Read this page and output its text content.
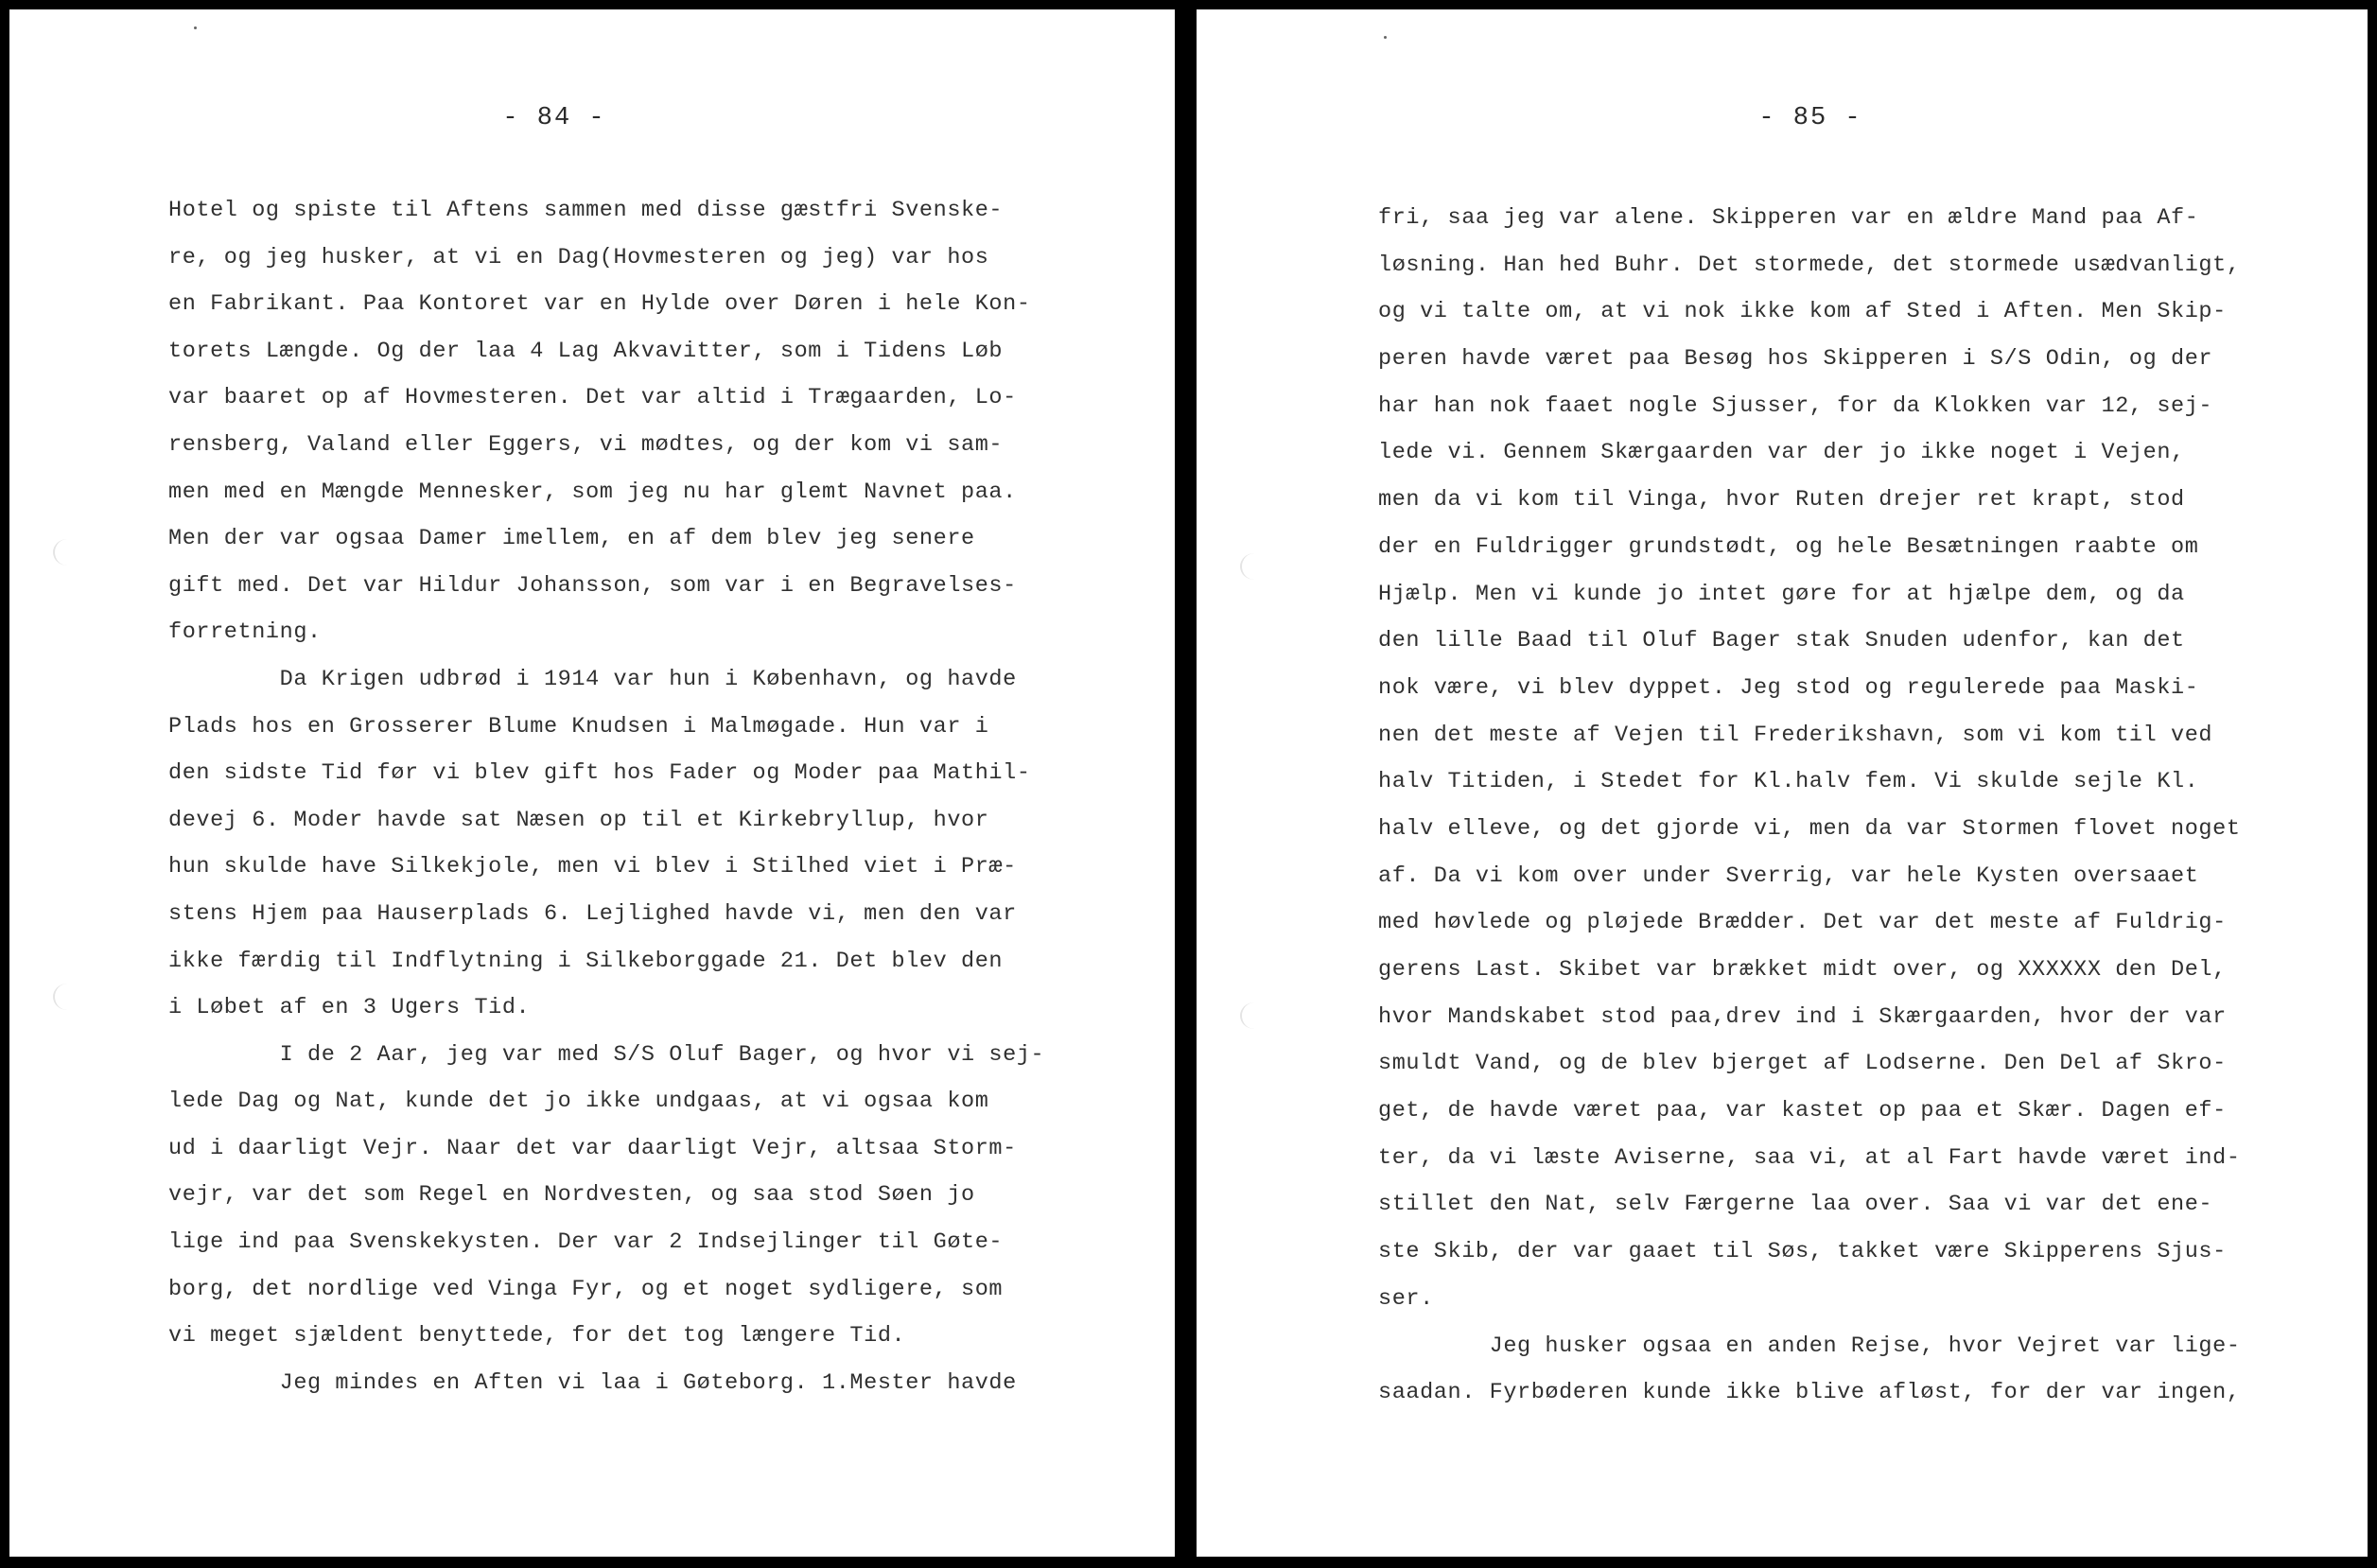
- 84 -
Hotel og spiste til Aftens sammen med disse gæstfri Svenske-
re, og jeg husker, at vi en Dag(Hovmesteren og jeg) var hos
en Fabrikant. Paa Kontoret var en Hylde over Døren i hele Kon-
torets Længde. Og der laa 4 Lag Akvavitter, som i Tidens Løb
var baaret op af Hovmesteren. Det var altid i Trægaarden, Lo-
rensberg, Valand eller Eggers, vi mødtes, og der kom vi sam-
men med en Mængde Mennesker, som jeg nu har glemt Navnet paa.
Men der var ogsaa Damer imellem, en af dem blev jeg senere
gift med. Det var Hildur Johansson, som var i en Begravelses-
forretning.
Da Krigen udbrød i 1914 var hun i København, og havde
Plads hos en Grosserer Blume Knudsen i Malmøgade. Hun var i
den sidste Tid før vi blev gift hos Fader og Moder paa Mathil-
devej 6. Moder havde sat Næsen op til et Kirkebryllup, hvor
hun skulde have Silkekjole, men vi blev i Stilhed viet i Præ-
stens Hjem paa Hauserplads 6. Lejlighed havde vi, men den var
ikke færdig til Indflytning i Silkeborggade 21. Det blev den
i Løbet af en 3 Ugers Tid.
I de 2 Aar, jeg var med S/S Oluf Bager, og hvor vi sej-
lede Dag og Nat, kunde det jo ikke undgaas, at vi ogsaa kom
ud i daarligt Vejr. Naar det var daarligt Vejr, altsaa Storm-
vejr, var det som Regel en Nordvesten, og saa stod Søen jo
lige ind paa Svenskekysten. Der var 2 Indsejlinger til Gøte-
borg, det nordlige ved Vinga Fyr, og et noget sydligere, som
vi meget sjældent benyttede, for det tog længere Tid.
Jeg mindes en Aften vi laa i Gøteborg. 1.Mester havde
- 85 -
fri, saa jeg var alene. Skipperen var en ældre Mand paa Af-
løsning. Han hed Buhr. Det stormede, det stormede usædvanligt,
og vi talte om, at vi nok ikke kom af Sted i Aften. Men Skip-
peren havde været paa Besøg hos Skipperen i S/S Odin, og der
har han nok faaet nogle Sjusser, for da Klokken var 12, sej-
lede vi. Gennem Skærgaarden var der jo ikke noget i Vejen,
men da vi kom til Vinga, hvor Ruten drejer ret krapt, stod
der en Fuldrigger grundstødt, og hele Besætningen raabte om
Hjælp. Men vi kunde jo intet gøre for at hjælpe dem, og da
den lille Baad til Oluf Bager stak Snuden udenfor, kan det
nok være, vi blev dyppet. Jeg stod og regulerede paa Maski-
nen det meste af Vejen til Frederikshavn, som vi kom til ved
halv Titiden, i Stedet for Kl.halv fem. Vi skulde sejle Kl.
halv elleve, og det gjorde vi, men da var Stormen flovet noget
af. Da vi kom over under Sverrig, var hele Kysten oversaaet
med høvlede og pløjede Brædder. Det var det meste af Fuldrig-
gerens Last. Skibet var brækket midt over, og XXXXXX den Del,
hvor Mandskabet stod paa,drev ind i Skærgaarden, hvor der var
smuldt Vand, og de blev bjerget af Lodserne. Den Del af Skro-
get, de havde været paa, var kastet op paa et Skær. Dagen ef-
ter, da vi læste Aviserne, saa vi, at al Fart havde været ind-
stillet den Nat, selv Færgerne laa over. Saa vi var det ene-
ste Skib, der var gaaet til Søs, takket være Skipperens Sjus-
ser.
Jeg husker ogsaa en anden Rejse, hvor Vejret var lige-
saadan. Fyrbøderen kunde ikke blive afløst, for der var ingen,
